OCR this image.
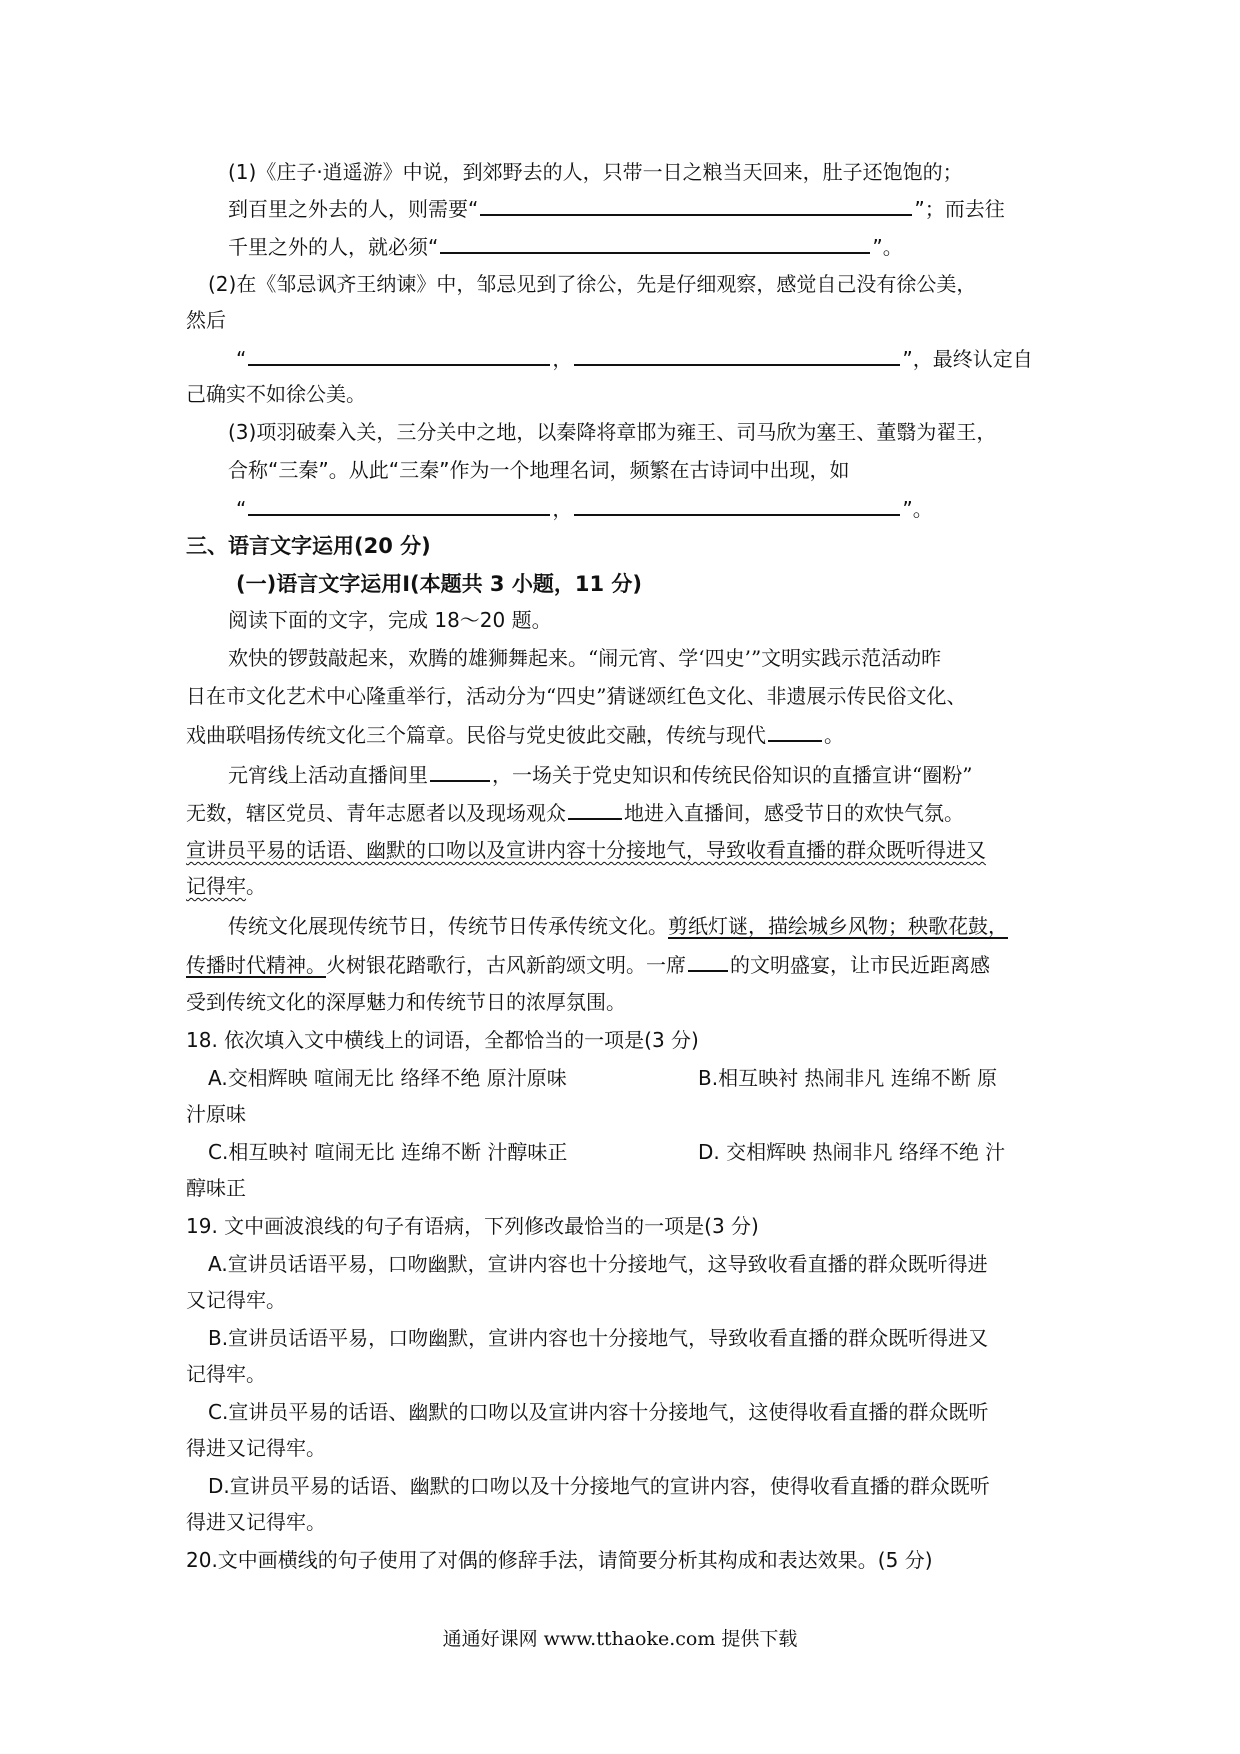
(1)《庄子·逍遥游》中说，到郊野去的人，只带一日之粮当天回来，肚子还饱饱的；
到百里之外去的人，则需要“	”；而去往
千里之外的人，就必须“	”。
(2)在《邹忌讽齐王纳谏》中，邹忌见到了徐公，先是仔细观察，感觉自己没有徐公美，
然后
“	，	”，最终认定自
己确实不如徐公美。
(3)项羽破秦入关，三分关中之地，以秦降将章邯为雍王、司马欣为塞王、董翳为翟王，
合称“三秦”。从此“三秦”作为一个地理名词，频繁在古诗词中出现，如
“	，	”。
三、语言文字运用(20 分)
(一)语言文字运用Ⅰ(本题共 3 小题，11 分)
阅读下面的文字，完成 18～20 题。
欢快的锣鼓敲起来，欢腾的雄狮舞起来。“闹元宵、学‘四史’”文明实践示范活动昨
日在市文化艺术中心隆重举行，活动分为“四史”猜谜颂红色文化、非遗展示传民俗文化、
戏曲联唱扬传统文化三个篇章。民俗与党史彼此交融，传统与现代	。
元宵线上活动直播间里	，一场关于党史知识和传统民俗知识的直播宣讲“圈粉”
无数，辖区党员、青年志愿者以及现场观众	地进入直播间，感受节日的欢快气氛。
宣讲员平易的话语、幽默的口吻以及宣讲内容十分接地气，导致收看直播的群众既听得进又
记得牢。
传统文化展现传统节日，传统节日传承传统文化。剪纸灯谜，描绘城乡风物；秧歌花鼓，
传播时代精神。火树银花踏歌行，古风新韵颂文明。一席 的文明盛宴，让市民近距离感
受到传统文化的深厚魅力和传统节日的浓厚氛围。
18. 依次填入文中横线上的词语，全都恰当的一项是(3 分)
A.交相辉映 喧闹无比 络绎不绝 原汁原味	B.相互映衬 热闹非凡 连绵不断 原
汁原味
C.相互映衬 喧闹无比 连绵不断 汁醇味正	D. 交相辉映 热闹非凡 络绎不绝 汁
醇味正
19. 文中画波浪线的句子有语病，下列修改最恰当的一项是(3 分)
A.宣讲员话语平易，口吻幽默，宣讲内容也十分接地气，这导致收看直播的群众既听得进
又记得牢。
B.宣讲员话语平易，口吻幽默，宣讲内容也十分接地气，导致收看直播的群众既听得进又
记得牢。
C.宣讲员平易的话语、幽默的口吻以及宣讲内容十分接地气，这使得收看直播的群众既听
得进又记得牢。
D.宣讲员平易的话语、幽默的口吻以及十分接地气的宣讲内容，使得收看直播的群众既听
得进又记得牢。
20.文中画横线的句子使用了对偶的修辞手法，请简要分析其构成和表达效果。(5 分)
通通好课网 www.tthaoke.com 提供下载
